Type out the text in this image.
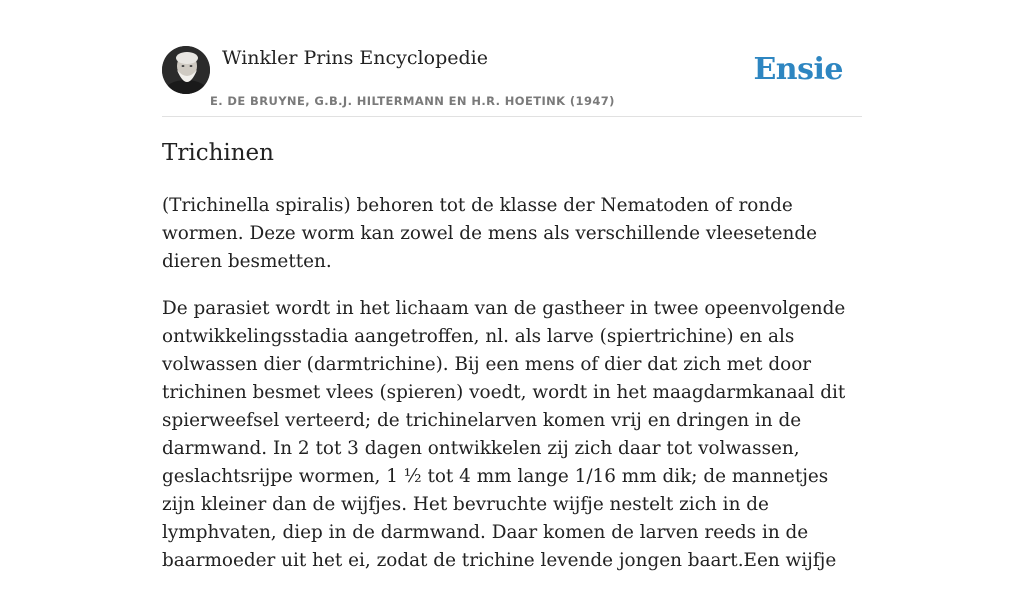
Winkler Prins Encyclopedie
E. DE BRUYNE, G.B.J. HILTERMANN EN H.R. HOETINK (1947)
Ensie
Trichinen

(Trichinella spiralis) behoren tot de klasse der Nematoden of ronde wormen. Deze worm kan zowel de mens als verschillende vleesetende dieren besmetten.

De parasiet wordt in het lichaam van de gastheer in twee opeenvolgende ontwikkelingsstadia aangetroffen, nl. als larve (spiertrichine) en als volwassen dier (darmtrichine). Bij een mens of dier dat zich met door trichinen besmet vlees (spieren) voedt, wordt in het maagdarmkanaal dit spierweefsel verteerd; de trichinelarven komen vrij en dringen in de darmwand. In 2 tot 3 dagen ontwikkelen zij zich daar tot volwassen, geslachtsrijpe wormen, 1 ½ tot 4 mm lange 1/16 mm dik; de mannetjes zijn kleiner dan de wijfjes. Het bevruchte wijfje nestelt zich in de lymphvaten, diep in de darmwand. Daar komen de larven reeds in de baarmoeder uit het ei, zodat de trichine levende jongen baart.Een wijfje
